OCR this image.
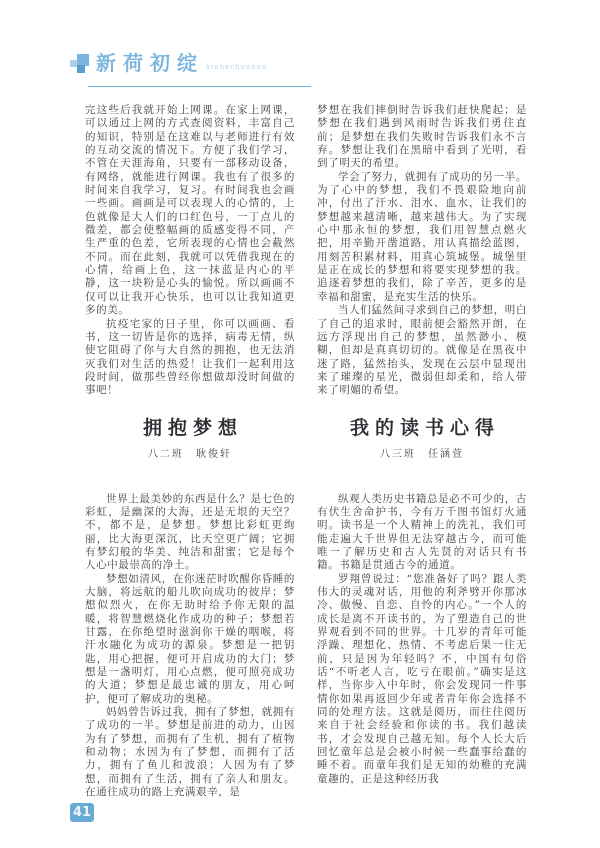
新荷初绽 xinhechuzhan

完这些后我就开始上网课。在家上网课，可以通过上网的方式查阅资料，丰富自己的知识，特别是在这难以与老师进行有效的互动交流的情况下。方便了我们学习，不管在天涯海角，只要有一部移动设备，有网络，就能进行网课。我也有了很多的时间来自我学习，复习。有时间我也会画一些画。画画是可以表现人的心情的，上色就像是大人们的口红色号，一丁点儿的微差，都会使整幅画的质感变得不同，产生严重的色差，它所表现的心情也会截然不同。而在此刻，我就可以凭借我现在的心情，给画上色，这一抹蓝是内心的平静，这一块粉是心头的愉悦。所以画画不仅可以让我开心快乐，也可以让我知道更多的美。

抗疫宅家的日子里，你可以画画、看书，这一切皆是你的选择，病毒无情，纵使它阻碍了你与大自然的拥抱，也无法消灭我们对生活的热爱！让我们一起利用这段时间，做那些曾经你想做却没时间做的事吧！

拥抱梦想
八二班　耿俊轩

世界上最美妙的东西是什么？是七色的彩虹，是幽深的大海，还是无垠的天空？不，都不是，是梦想。梦想比彩虹更绚丽，比大海更深沉，比天空更广阔；它拥有梦幻般的华美、纯洁和甜蜜；它是每个人心中最崇高的净土。

梦想如清风，在你迷茫时吹醒你昏睡的大脑，将远航的船儿吹向成功的彼岸；梦想似烈火，在你无助时给予你无限的温暖，将智慧燃烧化作成功的种子；梦想若甘露，在你绝望时滋润你干燥的咽喉，将汗水融化为成功的源泉。梦想是一把钥匙，用心把握，便可开启成功的大门；梦想是一盏明灯，用心点燃，便可照亮成功的大道；梦想是最忠诚的朋友，用心呵护，便可了解成功的奥秘。

妈妈曾告诉过我，拥有了梦想，就拥有了成功的一半。梦想是前进的动力，山因为有了梦想，而拥有了生机，拥有了植物和动物；水因为有了梦想，而拥有了活力，拥有了鱼儿和波浪；人因为有了梦想，而拥有了生活，拥有了亲人和朋友。在通往成功的路上充满艰辛，是

梦想在我们摔倒时告诉我们赶快爬起；是梦想在我们遇到风雨时告诉我们勇往直前；是梦想在我们失败时告诉我们永不言弃。梦想让我们在黑暗中看到了光明，看到了明天的希望。

学会了努力，就拥有了成功的另一半。为了心中的梦想，我们不畏艰险地向前冲，付出了汗水、泪水、血水，让我们的梦想越来越清晰，越来越伟大。为了实现心中那永恒的梦想，我们用智慧点燃火把，用辛勤开凿道路，用认真描绘蓝图，用刻苦积累材料，用真心筑城堡。城堡里是正在成长的梦想和将要实现梦想的我。追逐着梦想的我们，除了辛苦，更多的是幸福和甜蜜，是充实生活的快乐。

当人们猛然间寻求到自己的梦想，明白了自己的追求时，眼前便会豁然开朗，在远方浮现出自己的梦想，虽然渺小、模糊，但却是真真切切的。就像是在黑夜中迷了路，猛然抬头，发现在云层中显现出来了璀璨的星光，微弱但却柔和，给人带来了明媚的希望。

我的读书心得
八三班　任涵萱

纵观人类历史书籍总是必不可少的，古有伏生舍命护书，今有万千图书馆灯火通明。读书是一个人精神上的洗礼，我们可能走遍大千世界但无法穿越古今，而可能唯一了解历史和古人先贤的对话只有书籍。书籍是贯通古今的通道。

罗翔曾说过：“您准备好了吗？跟人类伟大的灵魂对话，用他的利斧劈开你那冰冷、傲慢、自恋、自怜的内心。”一个人的成长是离不开读书的，为了塑造自己的世界观看到不同的世界。十几岁的青年可能浮躁、理想化、热情、不考虑后果一往无前，只是因为年轻吗？不，中国有句俗话“不听老人言，吃亏在眼前。”确实是这样，当你步入中年时，你会发现同一件事情你如果再返回少年或者青年你会选择不同的处理方法。这就是阅历，而往往阅历来自于社会经验和你读的书。我们越读书，才会发现自己越无知。每个人长大后回忆童年总是会被小时候一些蠢事给蠢的睡不着。而童年我们是无知的幼稚的充满童趣的，正是这种经历我

41
